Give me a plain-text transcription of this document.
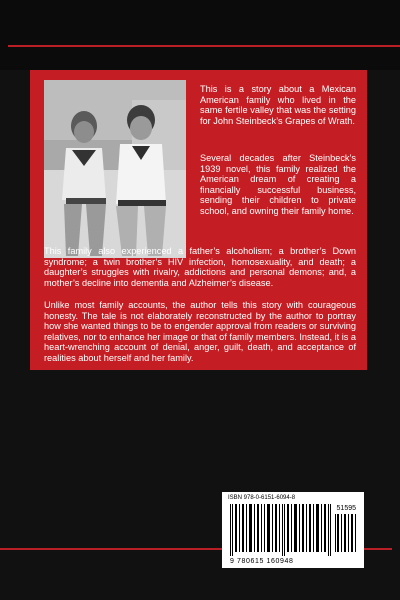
This is a story about a Mexican American family who lived in the same fertile valley that was the setting for John Steinbeck’s Grapes of Wrath.

Several decades after Steinbeck’s 1939 novel, this family realized the American dream of creating a financially successful business, sending their children to private school, and owning their family home.

This family also experienced a father’s alcoholism; a brother’s Down syndrome; a twin brother’s HIV infection, homosexuality, and death; a daughter’s struggles with rivalry, addictions and personal demons; and, a mother’s decline into dementia and Alzheimer’s disease.

Unlike most family accounts, the author tells this story with courageous honesty. The tale is not elaborately reconstructed by the author to portray how she wanted things to be to engender approval from readers or surviving relatives, nor to enhance her image or that of family members. Instead, it is a heart-wrenching account of denial, anger, guilt, death, and acceptance of realities about herself and her family.

ISBN 978-0-6151-6094-8
51595
9 780615 160948
